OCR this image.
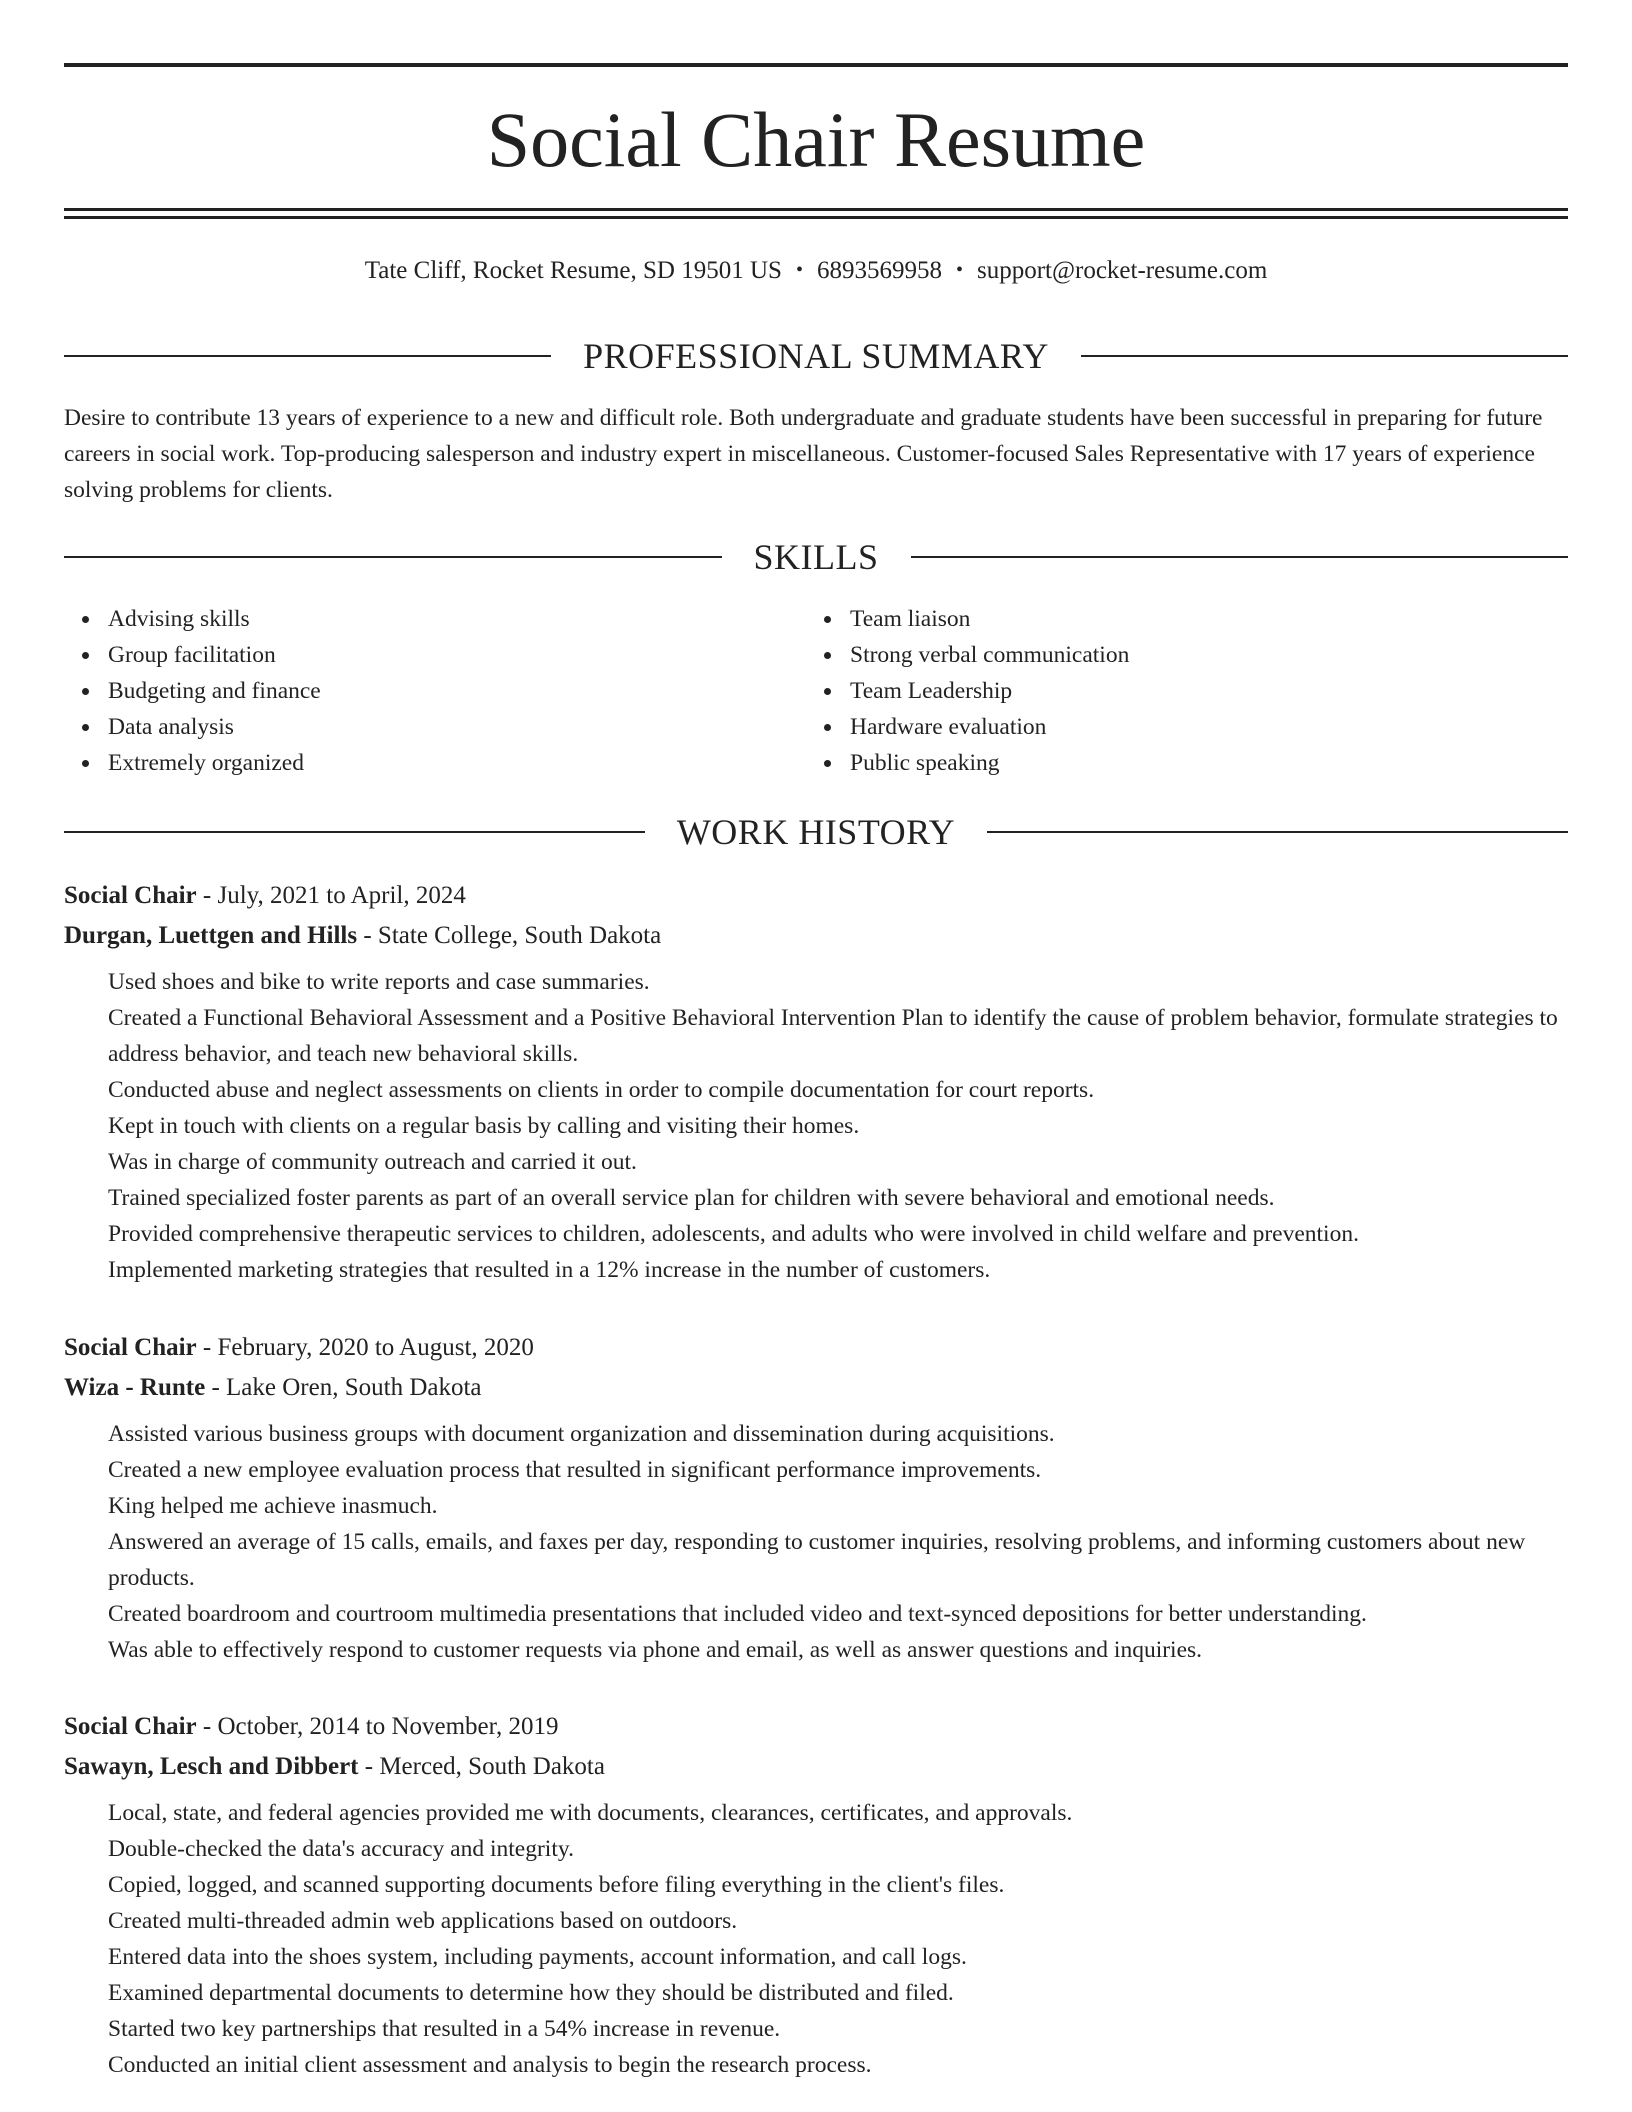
Social Chair Resume
Tate Cliff, Rocket Resume, SD 19501 US • 6893569958 • support@rocket-resume.com
PROFESSIONAL SUMMARY

Desire to contribute 13 years of experience to a new and difficult role. Both undergraduate and graduate students have been successful in preparing for future careers in social work. Top-producing salesperson and industry expert in miscellaneous. Customer-focused Sales Representative with 17 years of experience solving problems for clients.

SKILLS
Advising skills
Group facilitation
Budgeting and finance
Data analysis
Extremely organized
Team liaison
Strong verbal communication
Team Leadership
Hardware evaluation
Public speaking
WORK HISTORY
Social Chair - July, 2021 to April, 2024
Durgan, Luettgen and Hills - State College, South Dakota
Used shoes and bike to write reports and case summaries.
Created a Functional Behavioral Assessment and a Positive Behavioral Intervention Plan to identify the cause of problem behavior, formulate strategies to address behavior, and teach new behavioral skills.
Conducted abuse and neglect assessments on clients in order to compile documentation for court reports.
Kept in touch with clients on a regular basis by calling and visiting their homes.
Was in charge of community outreach and carried it out.
Trained specialized foster parents as part of an overall service plan for children with severe behavioral and emotional needs.
Provided comprehensive therapeutic services to children, adolescents, and adults who were involved in child welfare and prevention.
Implemented marketing strategies that resulted in a 12% increase in the number of customers.
Social Chair - February, 2020 to August, 2020
Wiza - Runte - Lake Oren, South Dakota
Assisted various business groups with document organization and dissemination during acquisitions.
Created a new employee evaluation process that resulted in significant performance improvements.
King helped me achieve inasmuch.
Answered an average of 15 calls, emails, and faxes per day, responding to customer inquiries, resolving problems, and informing customers about new products.
Created boardroom and courtroom multimedia presentations that included video and text-synced depositions for better understanding.
Was able to effectively respond to customer requests via phone and email, as well as answer questions and inquiries.
Social Chair - October, 2014 to November, 2019
Sawayn, Lesch and Dibbert - Merced, South Dakota
Local, state, and federal agencies provided me with documents, clearances, certificates, and approvals.
Double-checked the data's accuracy and integrity.
Copied, logged, and scanned supporting documents before filing everything in the client's files.
Created multi-threaded admin web applications based on outdoors.
Entered data into the shoes system, including payments, account information, and call logs.
Examined departmental documents to determine how they should be distributed and filed.
Started two key partnerships that resulted in a 54% increase in revenue.
Conducted an initial client assessment and analysis to begin the research process.
